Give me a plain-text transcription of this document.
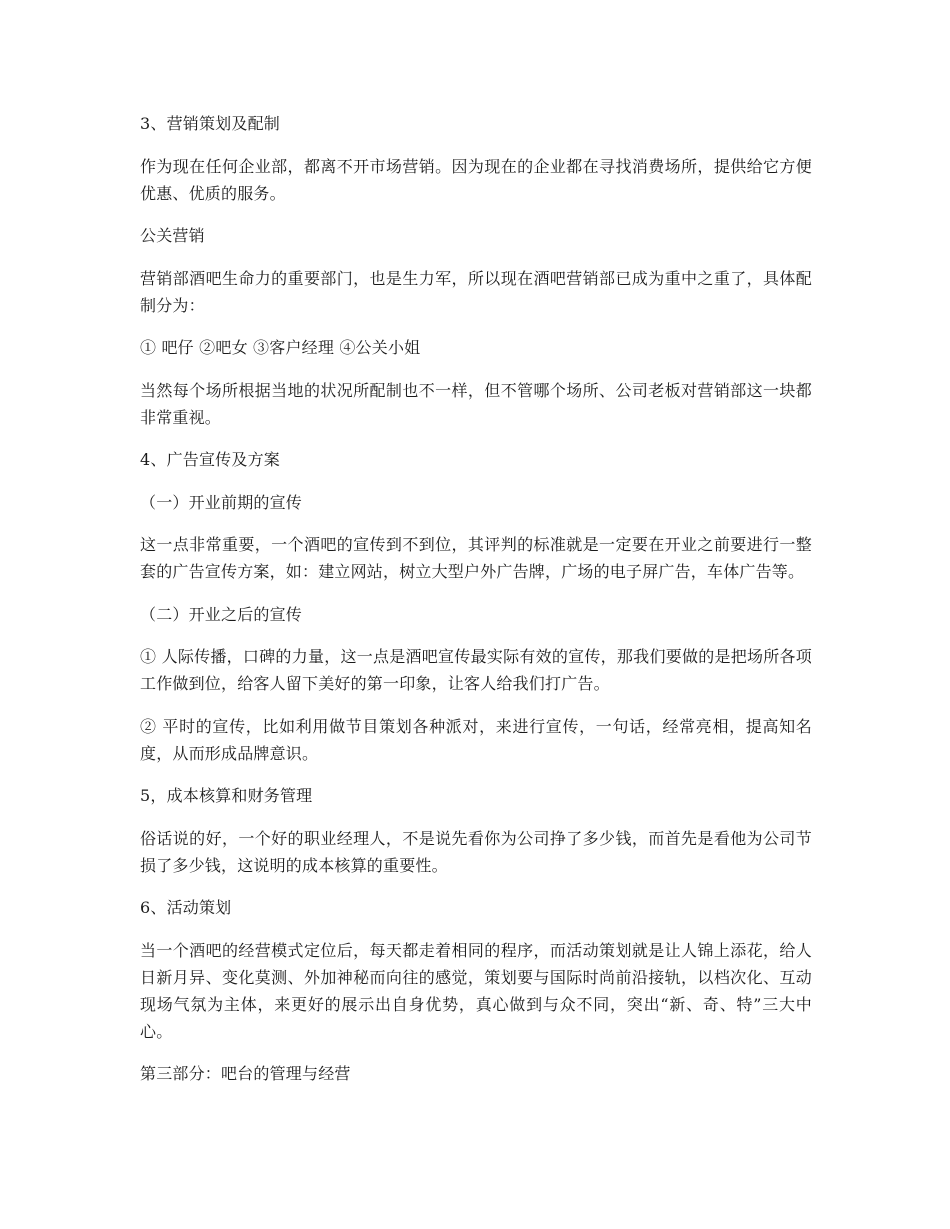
3、营销策划及配制

作为现在任何企业部，都离不开市场营销。因为现在的企业都在寻找消费场所，提供给它方便优惠、优质的服务。

公关营销

营销部酒吧生命力的重要部门，也是生力军，所以现在酒吧营销部已成为重中之重了，具体配制分为：

① 吧仔 ②吧女 ③客户经理 ④公关小姐

当然每个场所根据当地的状况所配制也不一样，但不管哪个场所、公司老板对营销部这一块都非常重视。

4、广告宣传及方案

（一）开业前期的宣传

这一点非常重要，一个酒吧的宣传到不到位，其评判的标准就是一定要在开业之前要进行一整套的广告宣传方案，如：建立网站，树立大型户外广告牌，广场的电子屏广告，车体广告等。

（二）开业之后的宣传

① 人际传播，口碑的力量，这一点是酒吧宣传最实际有效的宣传，那我们要做的是把场所各项工作做到位，给客人留下美好的第一印象，让客人给我们打广告。

② 平时的宣传，比如利用做节目策划各种派对，来进行宣传，一句话，经常亮相，提高知名度，从而形成品牌意识。

5，成本核算和财务管理

俗话说的好，一个好的职业经理人，不是说先看你为公司挣了多少钱，而首先是看他为公司节损了多少钱，这说明的成本核算的重要性。

6、活动策划

当一个酒吧的经营模式定位后，每天都走着相同的程序，而活动策划就是让人锦上添花，给人日新月异、变化莫测、外加神秘而向往的感觉，策划要与国际时尚前沿接轨，以档次化、互动现场气氛为主体，来更好的展示出自身优势，真心做到与众不同，突出“新、奇、特”三大中心。

第三部分：吧台的管理与经营
